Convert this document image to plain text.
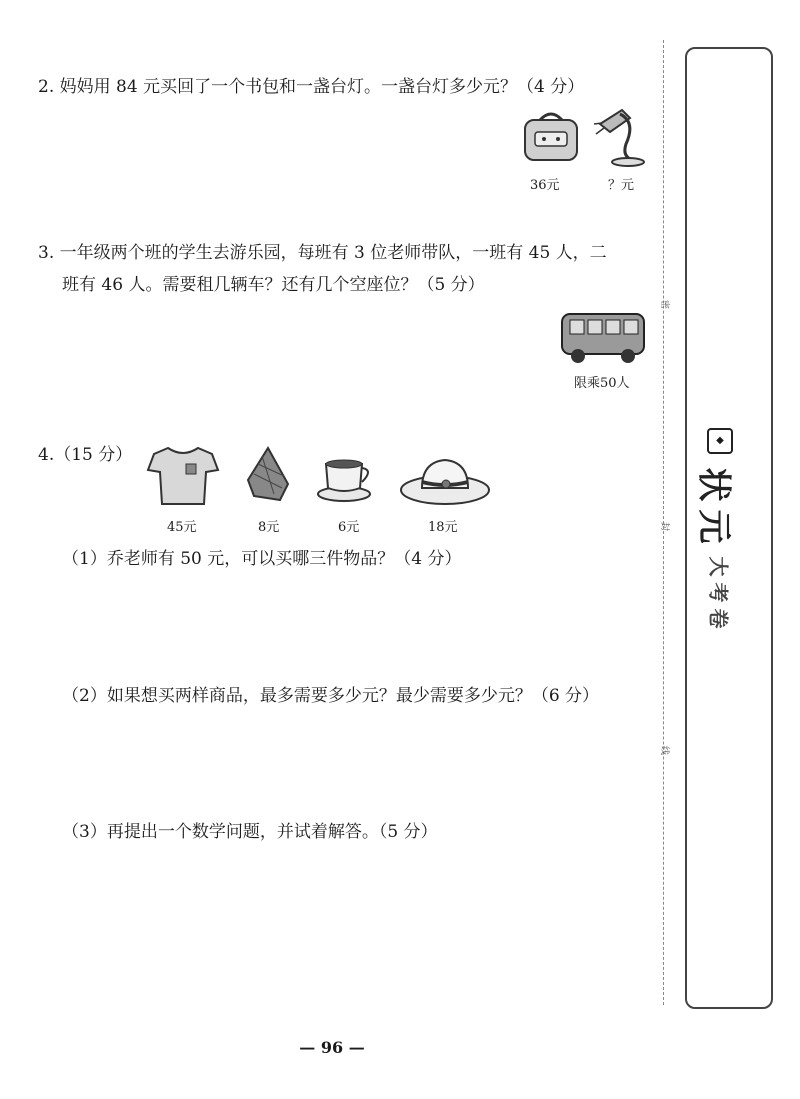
2. 妈妈用 84 元买回了一个书包和一盏台灯。一盏台灯多少元？（4 分）
36元	？元
3. 一年级两个班的学生去游乐园，每班有 3 位老师带队，一班有 45 人，二
班有 46 人。需要租几辆车？还有几个空座位？（5 分）
限乘50人
4.（15 分）
45元	8元	6元	18元
（1）乔老师有 50 元，可以买哪三件物品？（4 分）
（2）如果想买两样商品，最多需要多少元？最少需要多少元？（6 分）
（3）再提出一个数学问题，并试着解答。（5 分）
密
封
线
◆
状
元
大
考
卷
— 96 —
